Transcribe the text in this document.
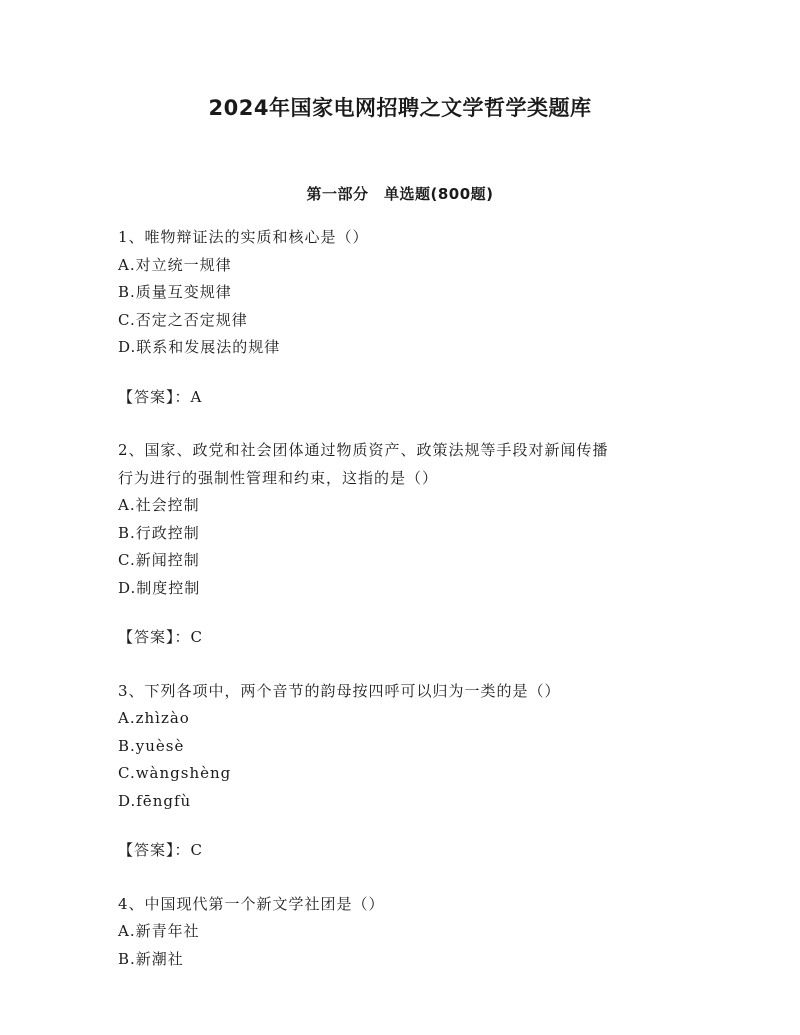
2024年国家电网招聘之文学哲学类题库
第一部分　单选题(800题)

1、唯物辩证法的实质和核心是（）

A.对立统一规律

B.质量互变规律

C.否定之否定规律

D.联系和发展法的规律

【答案】：A

2、国家、政党和社会团体通过物质资产、政策法规等手段对新闻传播

行为进行的强制性管理和约束，这指的是（）

A.社会控制

B.行政控制

C.新闻控制

D.制度控制

【答案】：C

3、下列各项中，两个音节的韵母按四呼可以归为一类的是（）

A.zhìzào

B.yuèsè

C.wàngshèng

D.fēngfù

【答案】：C

4、中国现代第一个新文学社团是（）

A.新青年社

B.新潮社
